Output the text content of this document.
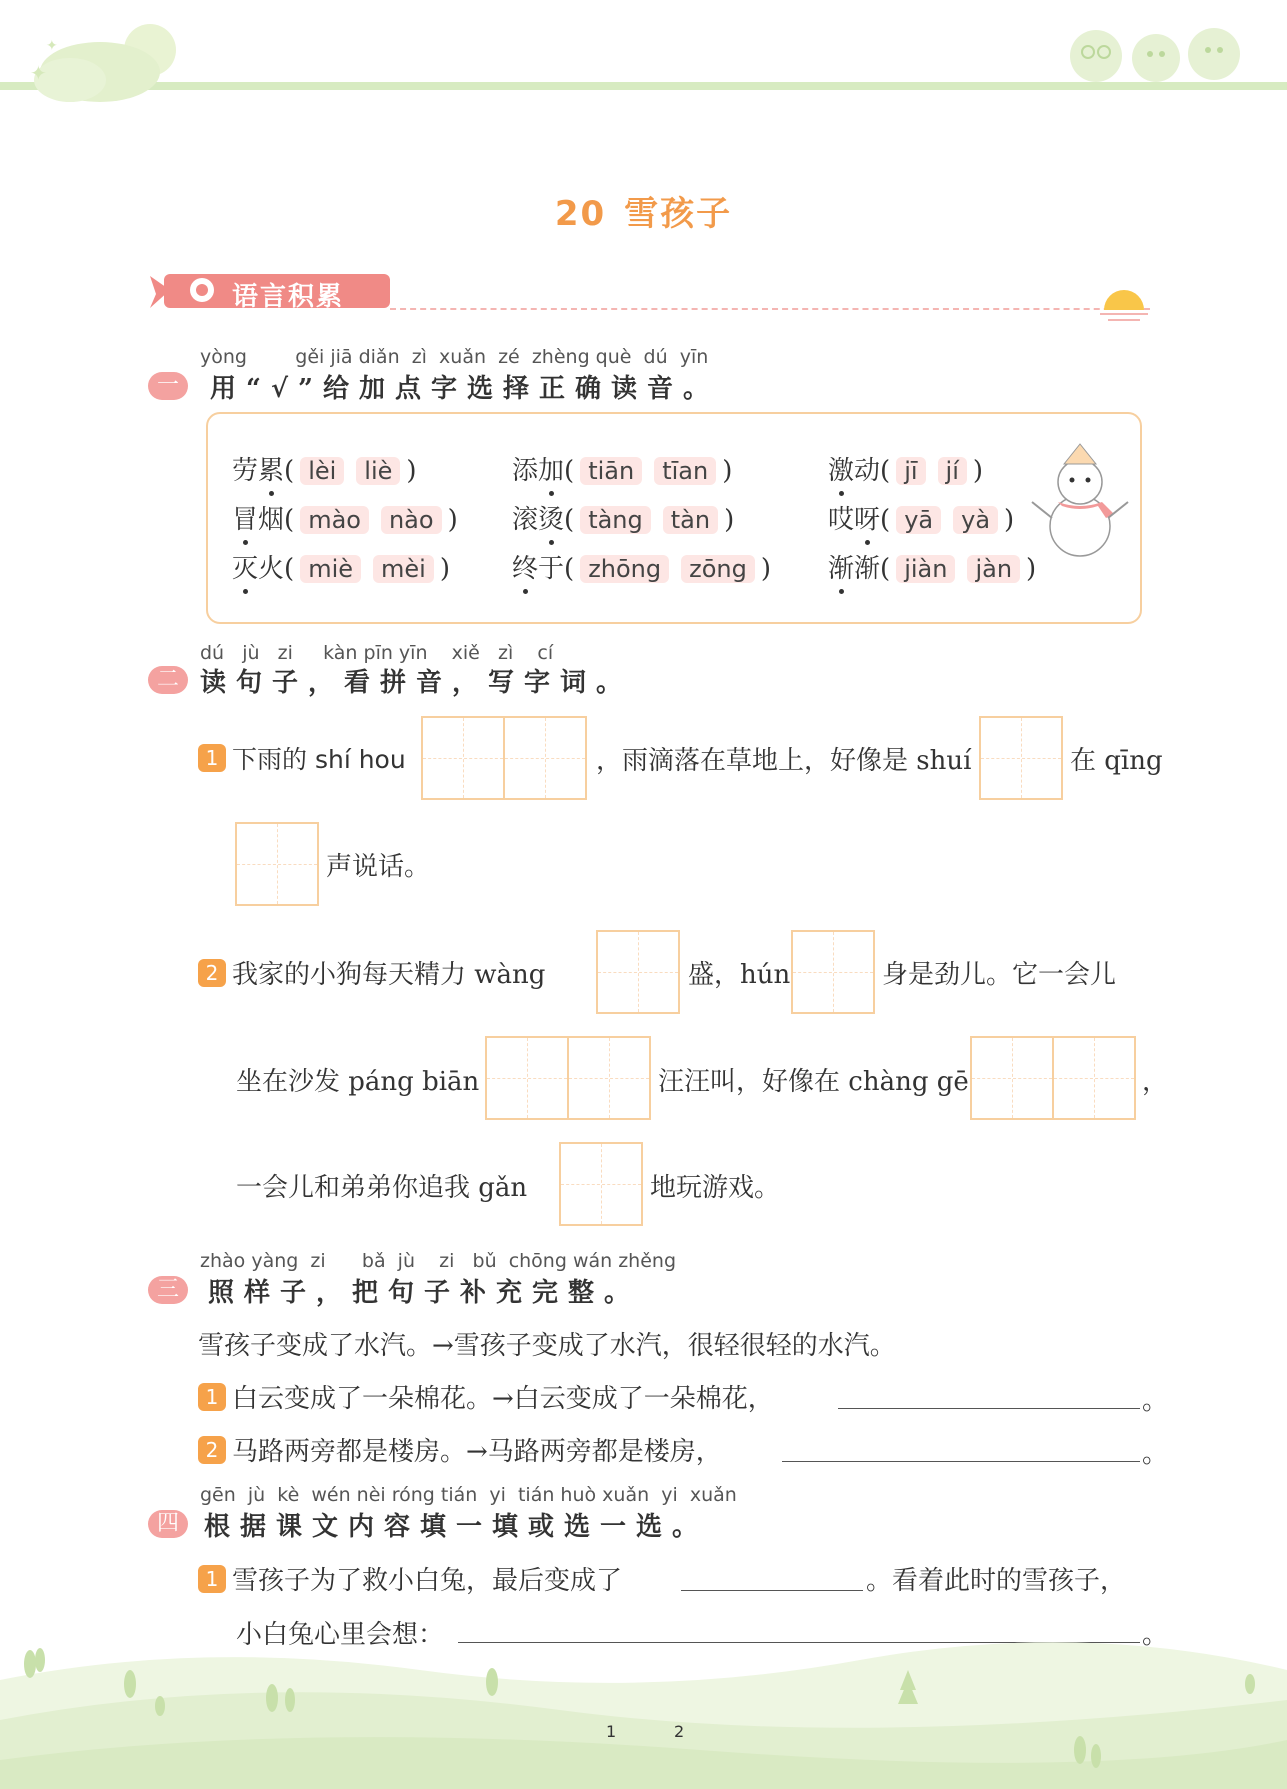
✦
✦
20 雪孩子
语言积累
yòng        gěi jiā diǎn  zì  xuǎn  zé  zhèng què  dú  yīn
一	用“√”给加点字选择正确读音。
劳累( lèi liè )	添加( tiān tīan )	激动( jī jí )
冒烟( mào nào ) 滚烫( tàng tàn )	哎呀( yā yà )
灭火( miè mèi ) 终于( zhōng zōng ) 渐渐( jiàn jàn )
dú   jù   zi     kàn pīn yīn    xiě   zì    cí
二 读句子，看拼音，写字词。
1 下雨的 shí hou	，雨滴落在草地上，好像是 shuí	在 qīng
声说话。
2 我家的小狗每天精力 wàng	盛，hún	身是劲儿。它一会儿
坐在沙发 páng biān	汪汪叫，好像在 chàng gē	，
一会儿和弟弟你追我 gǎn	地玩游戏。
zhào yàng  zi      bǎ  jù    zi   bǔ  chōng wán zhěng
三	照样子，把句子补充完整。
雪孩子变成了水汽。→雪孩子变成了水汽，很轻很轻的水汽。
1 白云变成了一朵棉花。→白云变成了一朵棉花，	。
2 马路两旁都是楼房。→马路两旁都是楼房，	。
gēn  jù  kè  wén nèi róng tián  yi  tián huò xuǎn  yi  xuǎn
四 根据课文内容填一填或选一选。
1 雪孩子为了救小白兔，最后变成了	。看着此时的雪孩子，
小白兔心里会想：	。
1	2
